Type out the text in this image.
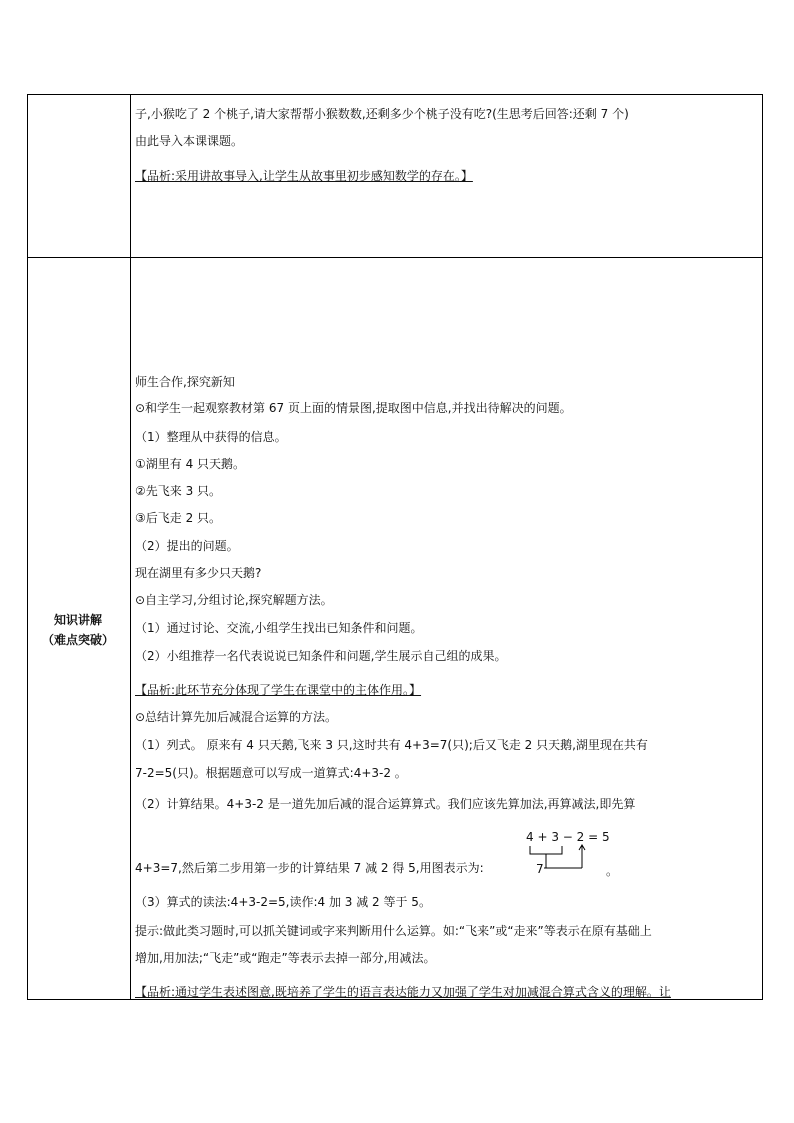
子,小猴吃了 2 个桃子,请大家帮帮小猴数数,还剩多少个桃子没有吃?(生思考后回答:还剩 7 个)
由此导入本课课题。
【品析:采用讲故事导入,让学生从故事里初步感知数学的存在。】
知识讲解
（难点突破）
师生合作,探究新知
⊙和学生一起观察教材第 67 页上面的情景图,提取图中信息,并找出待解决的问题。
（1）整理从中获得的信息。
①湖里有 4 只天鹅。
②先飞来 3 只。
③后飞走 2 只。
（2）提出的问题。
现在湖里有多少只天鹅?
⊙自主学习,分组讨论,探究解题方法。
（1）通过讨论、交流,小组学生找出已知条件和问题。
（2）小组推荐一名代表说说已知条件和问题,学生展示自己组的成果。
【品析:此环节充分体现了学生在课堂中的主体作用。】
⊙总结计算先加后减混合运算的方法。
（1）列式。 原来有 4 只天鹅,飞来 3 只,这时共有 4+3=7(只);后又飞走 2 只天鹅,湖里现在共有
7-2=5(只)。根据题意可以写成一道算式:4+3-2 。
（2）计算结果。4+3-2 是一道先加后减的混合运算算式。我们应该先算加法,再算减法,即先算
4+3=7,然后第二步用第一步的计算结果 7 减 2 得 5,用图表示为:
4 + 3 − 2 = 5
7	。
（3）算式的读法:4+3-2=5,读作:4 加 3 减 2 等于 5。
提示:做此类习题时,可以抓关键词或字来判断用什么运算。如:“飞来”或“走来”等表示在原有基础上
增加,用加法;“飞走”或“跑走”等表示去掉一部分,用减法。
【品析:通过学生表述图意,既培养了学生的语言表达能力又加强了学生对加减混合算式含义的理解。让
